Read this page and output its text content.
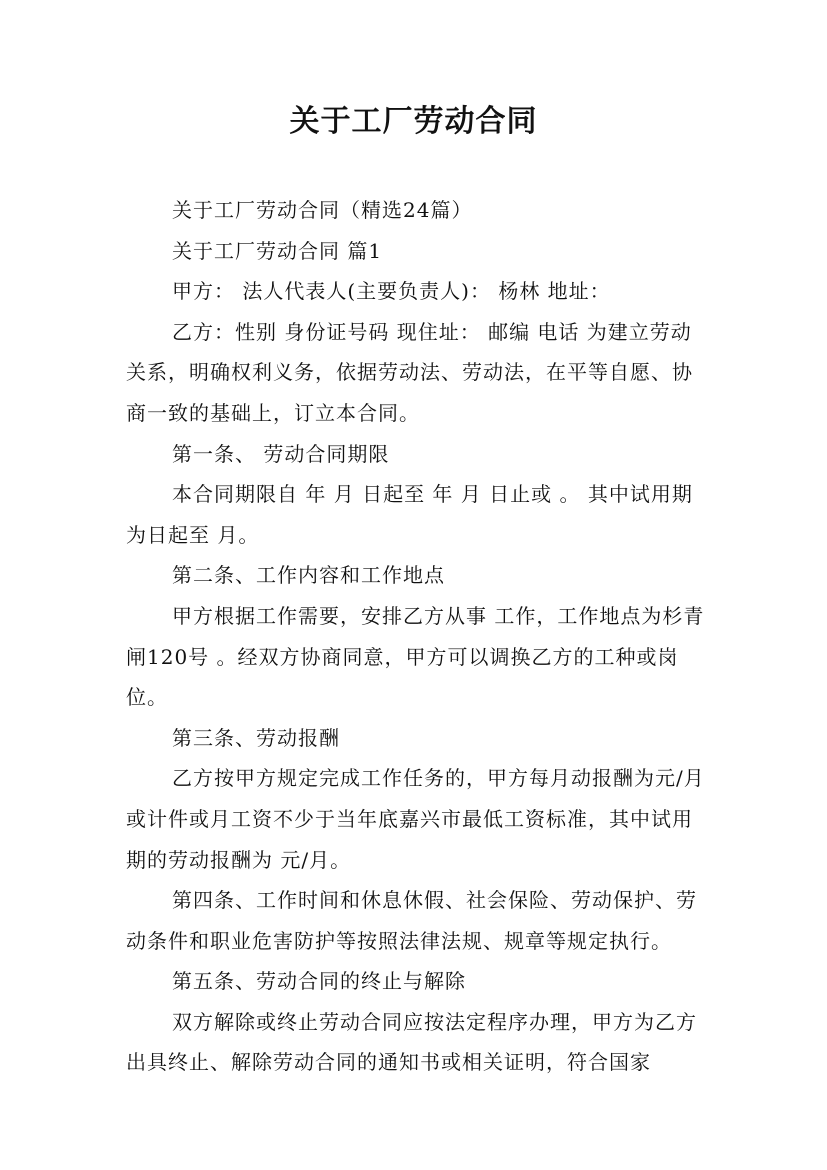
关于工厂劳动合同

关于工厂劳动合同（精选24篇）

关于工厂劳动合同 篇1

甲方： 法人代表人(主要负责人)： 杨林 地址：

乙方：性别 身份证号码 现住址： 邮编 电话 为建立劳动关系，明确权利义务，依据劳动法、劳动法，在平等自愿、协商一致的基础上，订立本合同。

第一条、 劳动合同期限

本合同期限自 年 月 日起至 年 月 日止或 。 其中试用期为日起至 月。

第二条、工作内容和工作地点

甲方根据工作需要，安排乙方从事 工作，工作地点为杉青闸120号 。经双方协商同意，甲方可以调换乙方的工种或岗位。

第三条、劳动报酬

乙方按甲方规定完成工作任务的，甲方每月动报酬为元/月或计件或月工资不少于当年底嘉兴市最低工资标准，其中试用期的劳动报酬为 元/月。

第四条、工作时间和休息休假、社会保险、劳动保护、劳动条件和职业危害防护等按照法律法规、规章等规定执行。

第五条、劳动合同的终止与解除

双方解除或终止劳动合同应按法定程序办理，甲方为乙方出具终止、解除劳动合同的通知书或相关证明，符合国家
